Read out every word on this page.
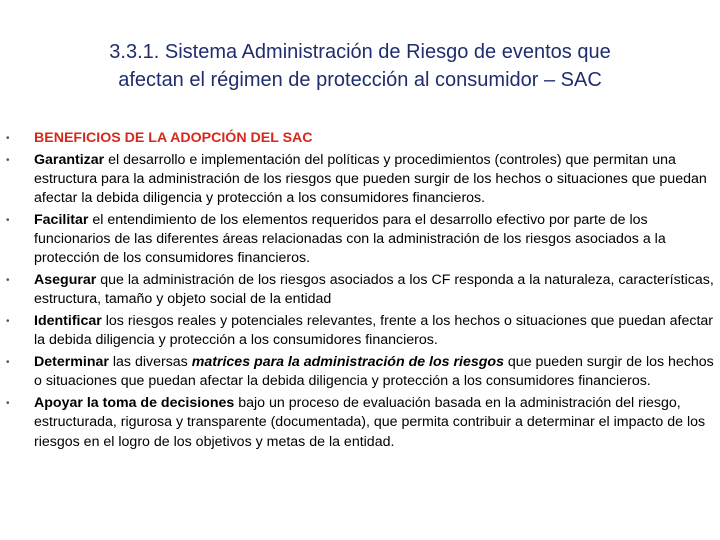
3.3.1. Sistema Administración de Riesgo de eventos que
afectan el régimen de protección al consumidor – SAC
• BENEFICIOS DE LA ADOPCIÓN DEL SAC
• Garantizar el desarrollo e implementación del políticas y procedimientos (controles) que permitan una estructura para la administración de los riesgos que pueden surgir de los hechos o situaciones que puedan afectar la debida diligencia y protección a los consumidores financieros.
• Facilitar el entendimiento de los elementos requeridos para el desarrollo efectivo por parte de los funcionarios de las diferentes áreas relacionadas con la administración de los riesgos asociados a la protección de los consumidores financieros.
• Asegurar que la administración de los riesgos asociados a los CF responda a la naturaleza, características, estructura, tamaño y objeto social de la entidad
• Identificar los riesgos reales y potenciales relevantes, frente a los hechos o situaciones que puedan afectar la debida diligencia y protección a los consumidores financieros.
• Determinar las diversas matrices para la administración de los riesgos que pueden surgir de los hechos o situaciones que puedan afectar la debida diligencia y protección a los consumidores financieros.
• Apoyar la toma de decisiones bajo un proceso de evaluación basada en la administración del riesgo, estructurada, rigurosa y transparente (documentada), que permita contribuir a determinar el impacto de los riesgos en el logro de los objetivos y metas de la entidad.
